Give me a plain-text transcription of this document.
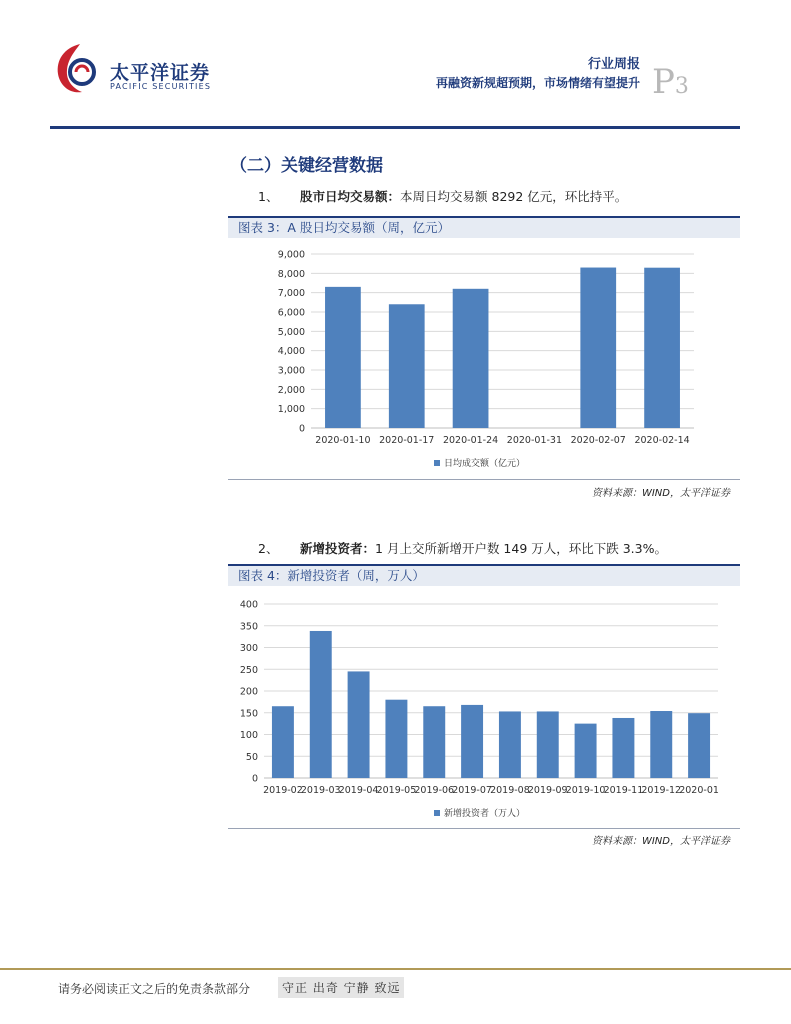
太平洋证券
PACIFIC SECURITIES
行业周报
再融资新规超预期，市场情绪有望提升 P3
（二）关键经营数据
1、 股市日均交易额：本周日均交易额 8292 亿元，环比持平。
图表 3：A 股日均交易额（周，亿元）
0
1,000
2,000
3,000
4,000
5,000
6,000
7,000
8,000
9,000
2020-01-10 2020-01-17 2020-01-24 2020-01-31 2020-02-07 2020-02-14
日均成交额（亿元）
资料来源：WIND，太平洋证券
2、 新增投资者：1 月上交所新增开户数 149 万人，环比下跌 3.3%。
图表 4：新增投资者（周，万人）
0
50
100
150
200
250
300
350
400
2019-02
2019-03
2019-04
2019-05
2019-06
2019-07
2019-08
2019-09
2019-10
2019-11
2019-12
2020-01
新增投资者（万人）
资料来源：WIND，太平洋证券
请务必阅读正文之后的免责条款部分	守正 出奇 宁静 致远
